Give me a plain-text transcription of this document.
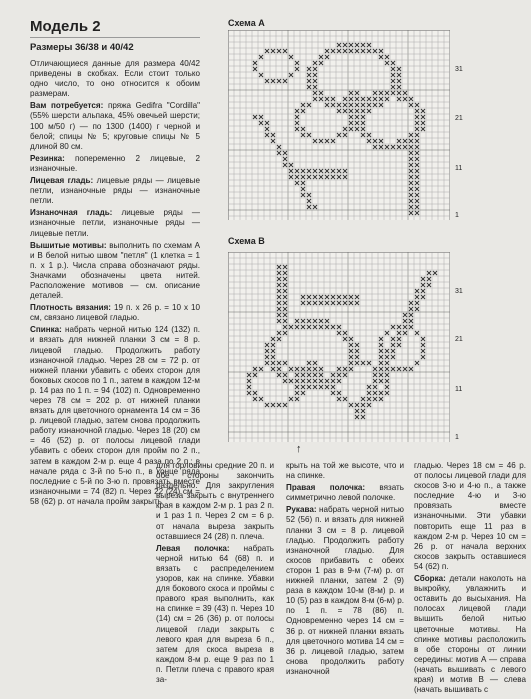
Модель 2
Размеры 36/38 и 40/42
Отличающиеся данные для размера 40/42 приведены в скобках. Если стоит только одно число, то оно относится к обоим размерам.
Вам потребуется: пряжа Gedifra "Cordilla" (55% шерсти альпака, 45% овечьей шерсти; 100 м/50 г) — по 1300 (1400) г черной и белой; спицы № 5; круговые спицы № 5 длиной 80 см.
Резинка: попеременно 2 лицевые, 2 изнаночные.
Лицевая гладь: лицевые ряды — лицевые петли, изнаночные ряды — изнаночные петли.
Изнаночная гладь: лицевые ряды — изнаночные петли, изнаночные ряды — лицевые петли.
Вышитые мотивы: выполнить по схемам А и В белой нитью швом "петля" (1 клетка = 1 п. х 1 р.). Числа справа обозначают ряды. Значками обозначены цвета нитей. Расположение мотивов — см. описание деталей.
Плотность вязания: 19 п. х 26 р. = 10 х 10 см, связано лицевой гладью.
Спинка: набрать черной нитью 124 (132) п. и вязать для нижней планки 3 см = 8 р. лицевой гладью. Продолжить работу изнаночной гладью. Через 28 см = 72 р. от нижней планки убавить с обеих сторон для боковых скосов по 1 п., затем в каждом 12-м р. 14 раз по 1 п. = 94 (102) п. Одновременно через 78 см = 202 р. от нижней планки вязать для цветочного орнамента 14 см = 36 р. лицевой гладью, затем снова продолжить работу изнаночной гладью. Через 18 (20) см = 46 (52) р. от полосы лицевой глади убавить с обеих сторон для пройм по 2 п., затем в каждом 2-м р. еще 4 раза по 2 п.; в начале ряда с 3-й по 5-ю п., в конце ряда последние с 5-й по 3-ю п. провязать вместе изнаночными = 74 (82) п. Через 22 (24) см = 58 (62) р. от начала пройм закрыть
Схема А
31
21
11
1
Схема В
31
21
11
1
↑
для горловины средние 20 п. и обе стороны закончить раздельно. Для закругления выреза закрыть с внутреннего края в каждом 2-м р. 1 раз 2 п. и 1 раз 1 п. Через 2 см = 6 р. от начала выреза закрыть оставшиеся 24 (28) п. плеча.
Левая полочка: набрать черной нитью 64 (68) п. и вязать с распределением узоров, как на спинке. Убавки для бокового скоса и проймы с правого края выполнить, как на спинке = 39 (43) п. Через 10 (14) см = 26 (36) р. от полосы лицевой глади закрыть с левого края для выреза 6 п., затем для скоса выреза в каждом 8-м р. еще 9 раз по 1 п. Петли плеча с правого края за-
крыть на той же высоте, что и на спинке.
Правая полочка: вязать симметрично левой полочке.
Рукава: набрать черной нитью 52 (56) п. и вязать для нижней планки 3 см = 8 р. лицевой гладью. Продолжить работу изнаночной гладью. Для скосов прибавить с обеих сторон 1 раз в 9-м (7-м) р. от нижней планки, затем 2 (9) раза в каждом 10-м (8-м) р. и 10 (5) раз в каждом 8-м (6-м) р. по 1 п. = 78 (86) п. Одновременно через 14 см = 36 р. от нижней планки вязать для цветочного мотива 14 см = 36 р. лицевой гладью, затем снова продолжить работу изнаночной
гладью. Через 18 см = 46 р. от полосы лицевой глади для скосов 3-ю и 4-ю п., а также последние 4-ю и 3-ю провязать вместе изнаночными. Эти убавки повторить еще 11 раз в каждом 2-м р. Через 10 см = 26 р. от начала верхних скосов закрыть оставшиеся 54 (62) п.
Сборка: детали наколоть на выкройку, увлажнить и оставить до высыхания. На полосах лицевой глади вышить белой нитью цветочные мотивы. На спинке мотивы расположить в обе стороны от линии середины: мотив А — справа (начать вышивать с левого края) и мотив В — слева (начать вышивать с
